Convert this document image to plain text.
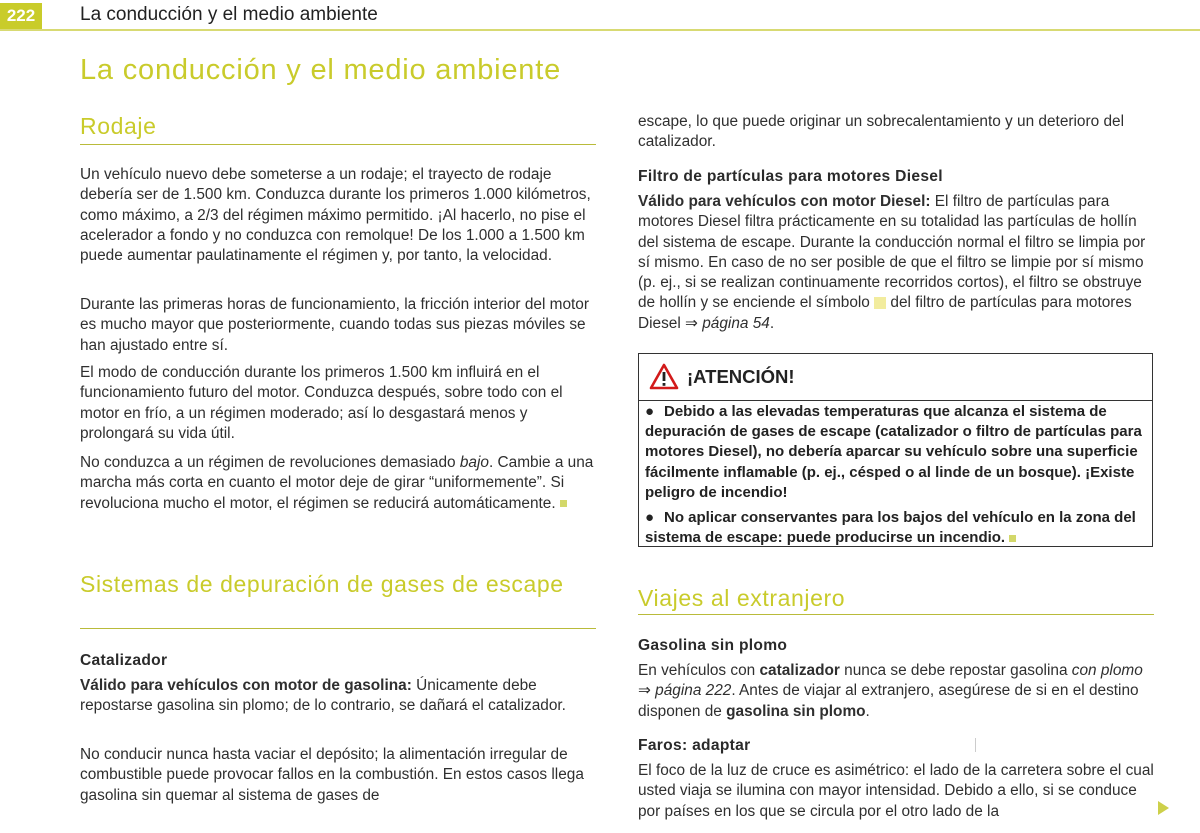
222	La conducción y el medio ambiente
La conducción y el medio ambiente
Rodaje

Un vehículo nuevo debe someterse a un rodaje; el trayecto de rodaje debería ser de 1.500 km. Conduzca durante los primeros 1.000 kilómetros, como máximo, a 2/3 del régimen máximo permitido. ¡Al hacerlo, no pise el acelerador a fondo y no conduzca con remolque! De los 1.000 a 1.500 km puede aumentar paulatinamente el régimen y, por tanto, la velocidad.

Durante las primeras horas de funcionamiento, la fricción interior del motor es mucho mayor que posteriormente, cuando todas sus piezas móviles se han ajustado entre sí.

El modo de conducción durante los primeros 1.500 km influirá en el funcionamiento futuro del motor. Conduzca después, sobre todo con el motor en frío, a un régimen moderado; así lo desgastará menos y prolongará su vida útil.

No conduzca a un régimen de revoluciones demasiado bajo. Cambie a una marcha más corta en cuanto el motor deje de girar “uniformemente”. Si revoluciona mucho el motor, el régimen se reducirá automáticamente.

Sistemas de depuración de gases de escape
Catalizador

Válido para vehículos con motor de gasolina: Únicamente debe repostarse gasolina sin plomo; de lo contrario, se dañará el catalizador.

No conducir nunca hasta vaciar el depósito; la alimentación irregular de combustible puede provocar fallos en la combustión. En estos casos llega gasolina sin quemar al sistema de gases de

escape, lo que puede originar un sobrecalentamiento y un deterioro del catalizador.

Filtro de partículas para motores Diesel

Válido para vehículos con motor Diesel: El filtro de partículas para motores Diesel filtra prácticamente en su totalidad las partículas de hollín del sistema de escape. Durante la conducción normal el filtro se limpia por sí mismo. En caso de no ser posible de que el filtro se limpie por sí mismo (p. ej., si se realizan continuamente recorridos cortos), el filtro se obstruye de hollín y se enciende el símbolo  del filtro de partículas para motores Diesel ⇒ página 54.

¡ATENCIÓN!

● Debido a las elevadas temperaturas que alcanza el sistema de depuración de gases de escape (catalizador o filtro de partículas para motores Diesel), no debería aparcar su vehículo sobre una superficie fácilmente inflamable (p. ej., césped o al linde de un bosque). ¡Existe peligro de incendio!

● No aplicar conservantes para los bajos del vehículo en la zona del sistema de escape: puede producirse un incendio.

Viajes al extranjero
Gasolina sin plomo

En vehículos con catalizador nunca se debe repostar gasolina con plomo ⇒ página 222. Antes de viajar al extranjero, asegúrese de si en el destino disponen de gasolina sin plomo.

Faros: adaptar

El foco de la luz de cruce es asimétrico: el lado de la carretera sobre el cual usted viaja se ilumina con mayor intensidad. Debido a ello, si se conduce por países en los que se circula por el otro lado de la
